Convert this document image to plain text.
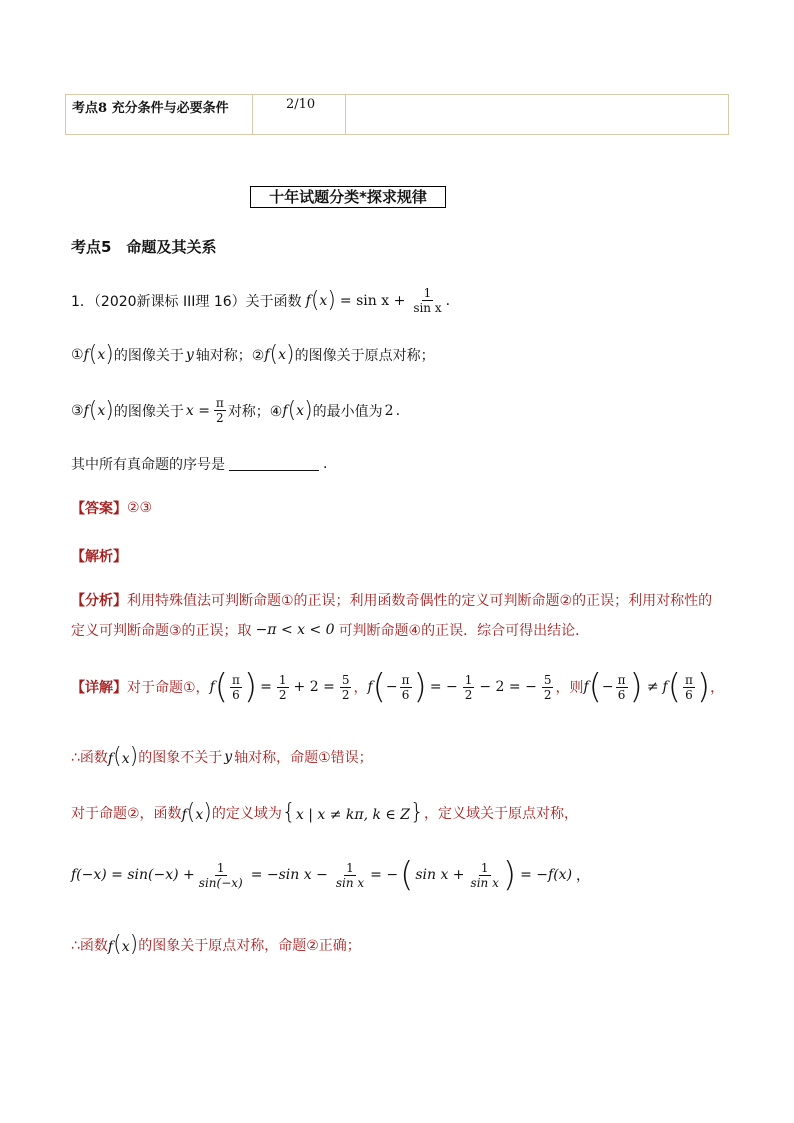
考点8 充分条件与必要条件	2/10
十年试题分类*探求规律
考点5　命题及其关系
1．（2020新课标 III理 16）关于函数 f ( x ) = $\sin x + \frac{1}{\text{sin x}}$ .
① f ( x ) 的图像关于 y 轴对称；② f ( x ) 的图像关于原点对称；
③ f ( x ) 的图像关于 $x = \frac{\pi}{2}$ 对称；④ f ( x ) 的最小值为 2 .
其中所有真命题的序号是	.
【答案】 ②③
【解析】
【分析】 利用特殊值法可判断命题①的正误；利用函数奇偶性的定义可判断命题②的正误；利用对称性的
定义可判断命题③的正误；取 −π < x < 0 可判断命题④的正误．综合可得出结论．
【详解】 对于命题①， f ( $\frac{\pi}{6}$ ) = $\frac{1}{2} + 2 = \frac{5}{2}$ ， f ( − $\frac{\pi}{6}$ ) = − $\frac{1}{2} - 2$ = − $\frac{5}{2}$ ，则 f ( − $\frac{\pi}{6}$ ) ≠ f ( $\frac{\pi}{6}$ ) ，
∴函数 f(x) 的图象不关于 y 轴对称，命题①错误；
对于命题②，函数 f(x) 的定义域为 {x | x ≠ kπ, k ∈ Z} ，定义域关于原点对称，
$f(-x) = \sin(-x) + \frac{1}{\sin(-x)} = -\sin$ $x - \frac{1}{\text{sin x}}$ = − ( $\sin x + \frac{1}{\text{sin x}}$ ) = −f(x) ，
∴函数 f(x) 的图象关于原点对称，命题②正确；
